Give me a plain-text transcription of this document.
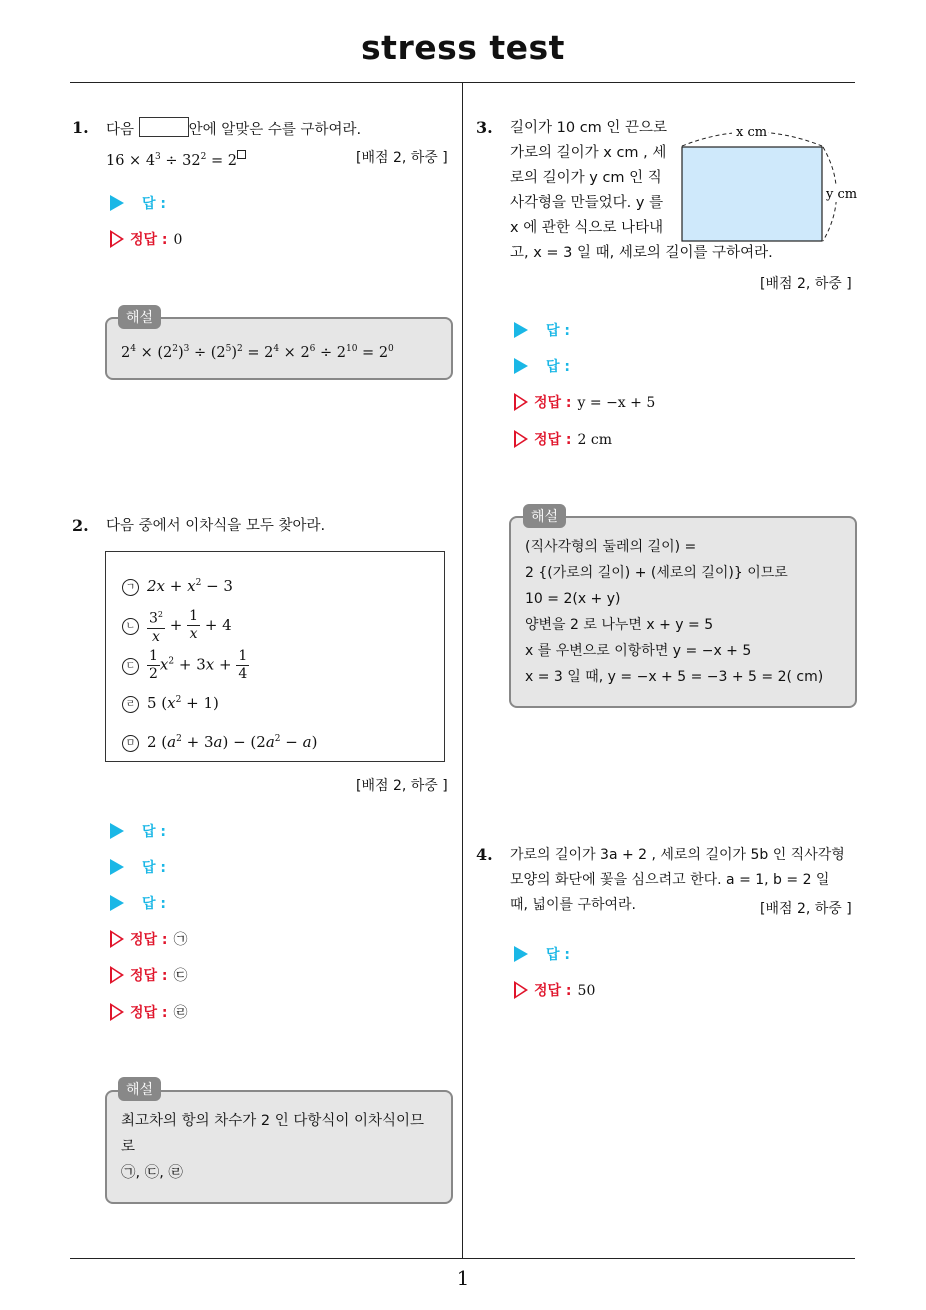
stress test
1
1. 다음	안에 알맞은 수를 구하여라.
$16 \times 4^3 \div 32^2 = 2$	[배점 2, 하중 ]
답 :
정답 : 0
$2^4 \times (2^2)^3 \div (2^5)^2 = 2^4 \times 2^6 \div 2^{10} = 2^0$
해설
2. 다음 중에서 이차식을 모두 찾아라.
ㄱ $2x + x^2 - 3$
ㄴ $\frac{3^2}{x} + \frac{1}{x} + 4$
ㄷ $\frac{1}{2} x^2 + 3x + \frac{1}{4}$
ㄹ 5 $(x^2 + 1)$
ㅁ 2 $(a^2 + 3a) - (2a^2 - a)$
[배점 2, 하중 ]
답 :
답 :
답 :
정답 : ㉠
정답 : ㉢
정답 : ㉣
최고차의 항의 차수가 2 인 다항식이 이차식이므
로
㉠, ㉢, ㉣
해설
3. 길이가 10 cm 인 끈으로
가로의 길이가 x cm , 세
로의 길이가 y cm 인 직
사각형을 만들었다. y 를
x 에 관한 식으로 나타내
고, x = 3 일 때, 세로의 길이를 구하여라.
x cm
y cm
[배점 2, 하중 ]
답 :
답 :
정답 : y = −x + 5
정답 : 2 cm
(직사각형의 둘레의 길이) =
2 {(가로의 길이) + (세로의 길이)} 이므로
10 = 2(x + y)
양변을 2 로 나누면 x + y = 5
x 를 우변으로 이항하면 y = −x + 5
x = 3 일 때, y = −x + 5 = −3 + 5 = 2( cm)
해설
4. 가로의 길이가 3a + 2 , 세로의 길이가 5b 인 직사각형
모양의 화단에 꽃을 심으려고 한다. a = 1, b = 2 일
때, 넓이를 구하여라.	[배점 2, 하중 ]
답 :
정답 : 50
